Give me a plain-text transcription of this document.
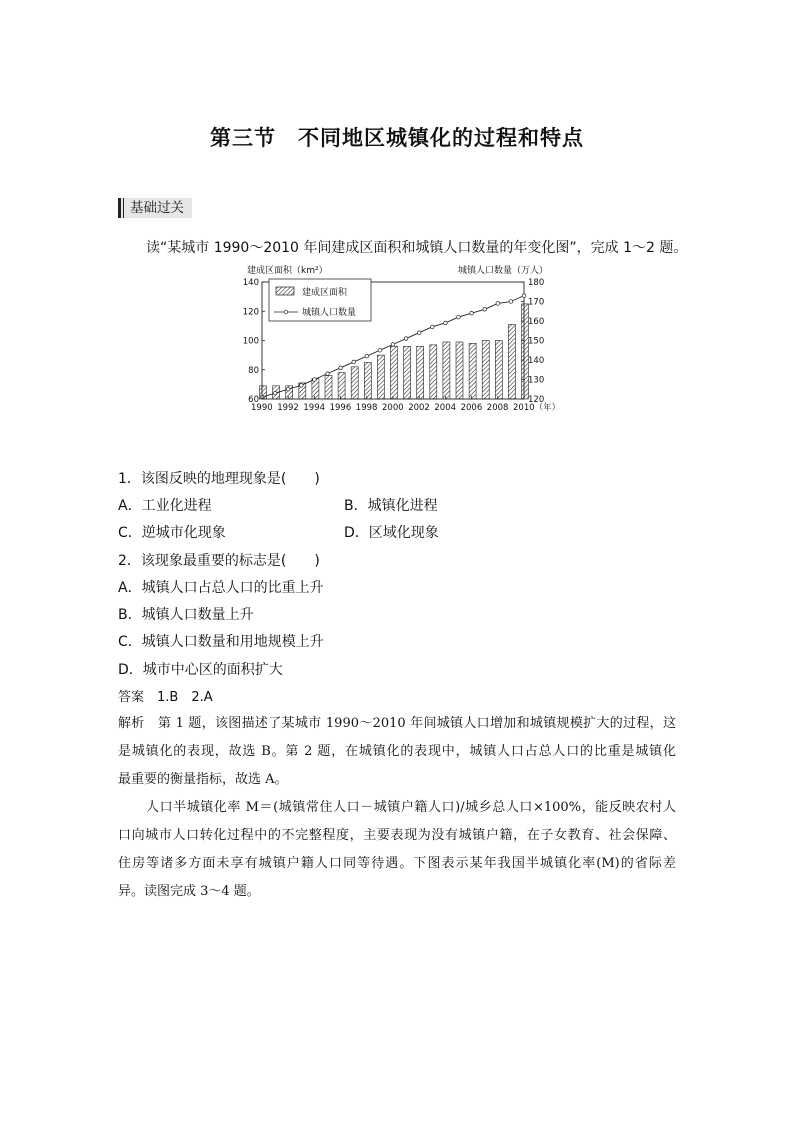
第三节 不同地区城镇化的过程和特点
基础过关
读“某城市 1990～2010 年间建成区面积和城镇人口数量的年变化图”，完成 1～2 题。
60
80
100
120
140
120
130
140
150
160
170
180
1990 1992 1994 1996 1998 2000 2002 2004 2006 2008 2010（年）
建成区面积
城镇人口数量
建成区面积（km²）	城镇人口数量（万人）
1．该图反映的地理现象是(　　)
A．工业化进程	B．城镇化进程
C．逆城市化现象	D．区域化现象
2．该现象最重要的标志是(　　)
A．城镇人口占总人口的比重上升
B．城镇人口数量上升
C．城镇人口数量和用地规模上升
D．城市中心区的面积扩大
答案　1.B　2.A
解析　第 1 题，该图描述了某城市 1990～2010 年间城镇人口增加和城镇规模扩大的过程，这
是城镇化的表现，故选 B。第 2 题，在城镇化的表现中，城镇人口占总人口的比重是城镇化
最重要的衡量指标，故选 A。
人口半城镇化率 M＝(城镇常住人口－城镇户籍人口)/城乡总人口×100%，能反映农村人
口向城市人口转化过程中的不完整程度，主要表现为没有城镇户籍，在子女教育、社会保障、
住房等诸多方面未享有城镇户籍人口同等待遇。下图表示某年我国半城镇化率(M)的省际差
异。读图完成 3～4 题。
